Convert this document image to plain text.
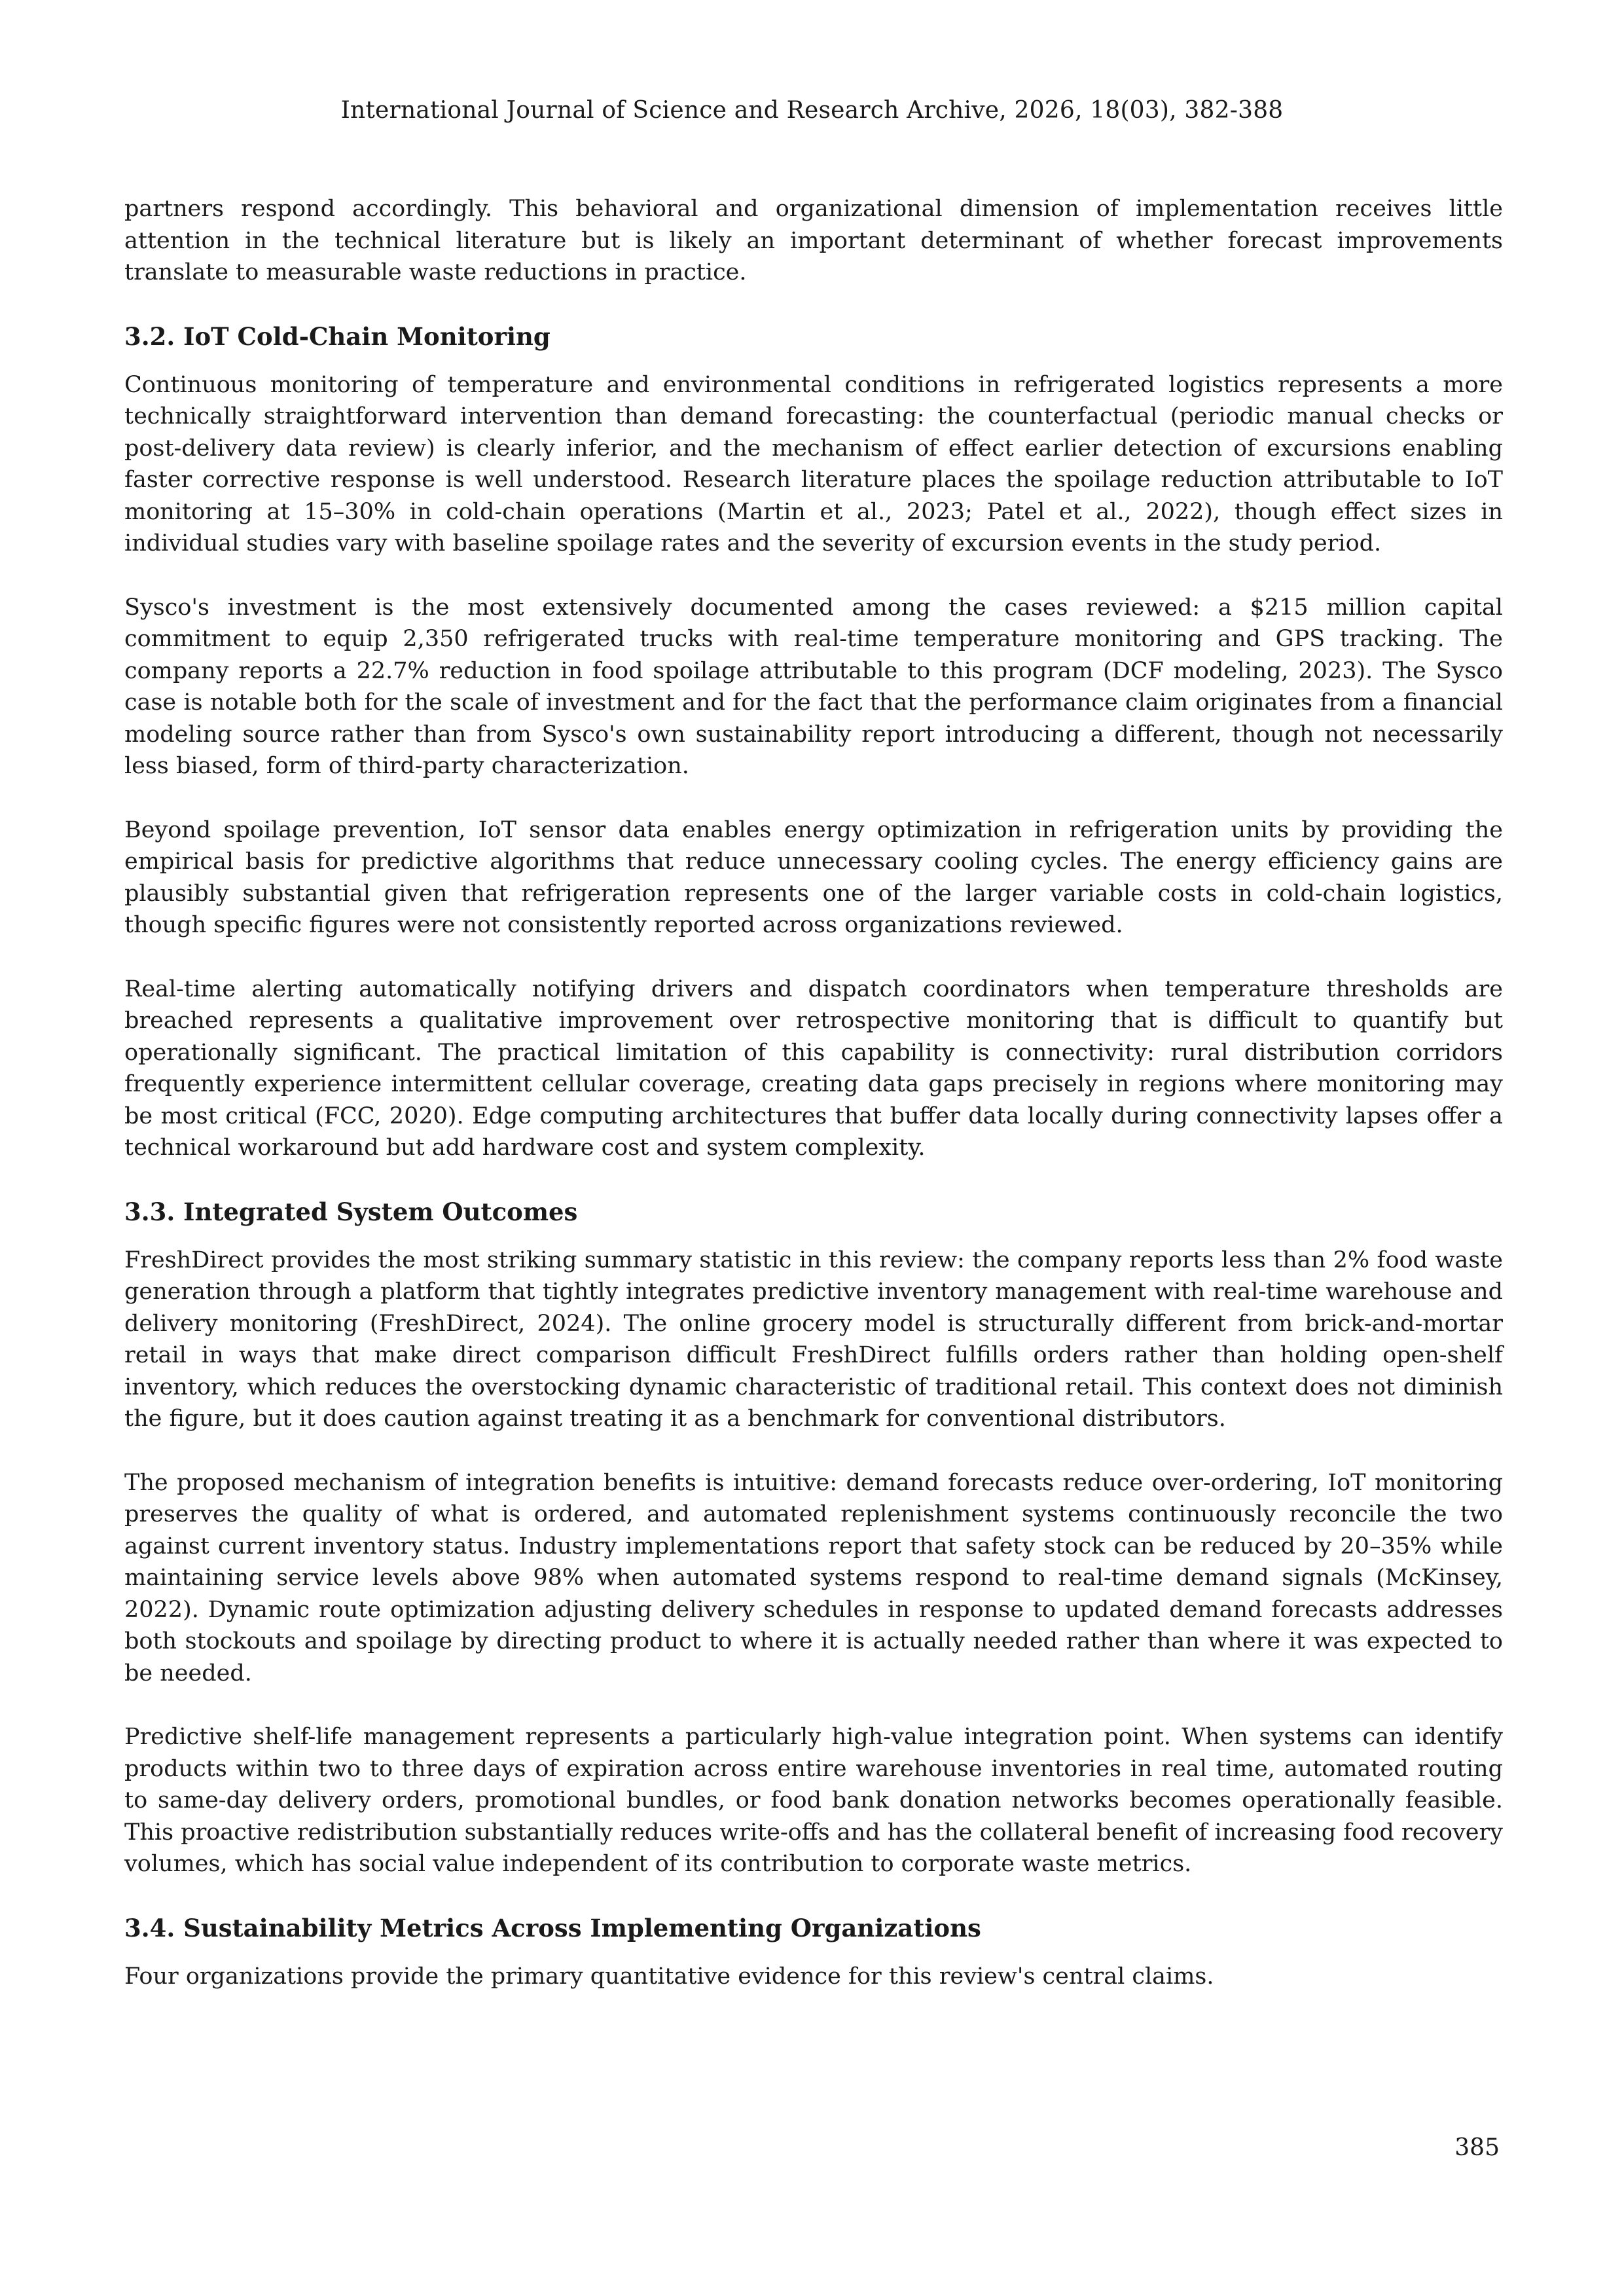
International Journal of Science and Research Archive, 2026, 18(03), 382-388

partners respond accordingly. This behavioral and organizational dimension of implementation receives little attention in the technical literature but is likely an important determinant of whether forecast improvements translate to measurable waste reductions in practice.

3.2. IoT Cold-Chain Monitoring

Continuous monitoring of temperature and environmental conditions in refrigerated logistics represents a more technically straightforward intervention than demand forecasting: the counterfactual (periodic manual checks or post-delivery data review) is clearly inferior, and the mechanism of effect earlier detection of excursions enabling faster corrective response is well understood. Research literature places the spoilage reduction attributable to IoT monitoring at 15–30% in cold-chain operations (Martin et al., 2023; Patel et al., 2022), though effect sizes in individual studies vary with baseline spoilage rates and the severity of excursion events in the study period.

Sysco's investment is the most extensively documented among the cases reviewed: a $215 million capital commitment to equip 2,350 refrigerated trucks with real-time temperature monitoring and GPS tracking. The company reports a 22.7% reduction in food spoilage attributable to this program (DCF modeling, 2023). The Sysco case is notable both for the scale of investment and for the fact that the performance claim originates from a financial modeling source rather than from Sysco's own sustainability report introducing a different, though not necessarily less biased, form of third-party characterization.

Beyond spoilage prevention, IoT sensor data enables energy optimization in refrigeration units by providing the empirical basis for predictive algorithms that reduce unnecessary cooling cycles. The energy efficiency gains are plausibly substantial given that refrigeration represents one of the larger variable costs in cold-chain logistics, though specific figures were not consistently reported across organizations reviewed.

Real-time alerting automatically notifying drivers and dispatch coordinators when temperature thresholds are breached represents a qualitative improvement over retrospective monitoring that is difficult to quantify but operationally significant. The practical limitation of this capability is connectivity: rural distribution corridors frequently experience intermittent cellular coverage, creating data gaps precisely in regions where monitoring may be most critical (FCC, 2020). Edge computing architectures that buffer data locally during connectivity lapses offer a technical workaround but add hardware cost and system complexity.

3.3. Integrated System Outcomes

FreshDirect provides the most striking summary statistic in this review: the company reports less than 2% food waste generation through a platform that tightly integrates predictive inventory management with real-time warehouse and delivery monitoring (FreshDirect, 2024). The online grocery model is structurally different from brick-and-mortar retail in ways that make direct comparison difficult FreshDirect fulfills orders rather than holding open-shelf inventory, which reduces the overstocking dynamic characteristic of traditional retail. This context does not diminish the figure, but it does caution against treating it as a benchmark for conventional distributors.

The proposed mechanism of integration benefits is intuitive: demand forecasts reduce over-ordering, IoT monitoring preserves the quality of what is ordered, and automated replenishment systems continuously reconcile the two against current inventory status. Industry implementations report that safety stock can be reduced by 20–35% while maintaining service levels above 98% when automated systems respond to real-time demand signals (McKinsey, 2022). Dynamic route optimization adjusting delivery schedules in response to updated demand forecasts addresses both stockouts and spoilage by directing product to where it is actually needed rather than where it was expected to be needed.

Predictive shelf-life management represents a particularly high-value integration point. When systems can identify products within two to three days of expiration across entire warehouse inventories in real time, automated routing to same-day delivery orders, promotional bundles, or food bank donation networks becomes operationally feasible. This proactive redistribution substantially reduces write-offs and has the collateral benefit of increasing food recovery volumes, which has social value independent of its contribution to corporate waste metrics.

3.4. Sustainability Metrics Across Implementing Organizations

Four organizations provide the primary quantitative evidence for this review's central claims.

385
